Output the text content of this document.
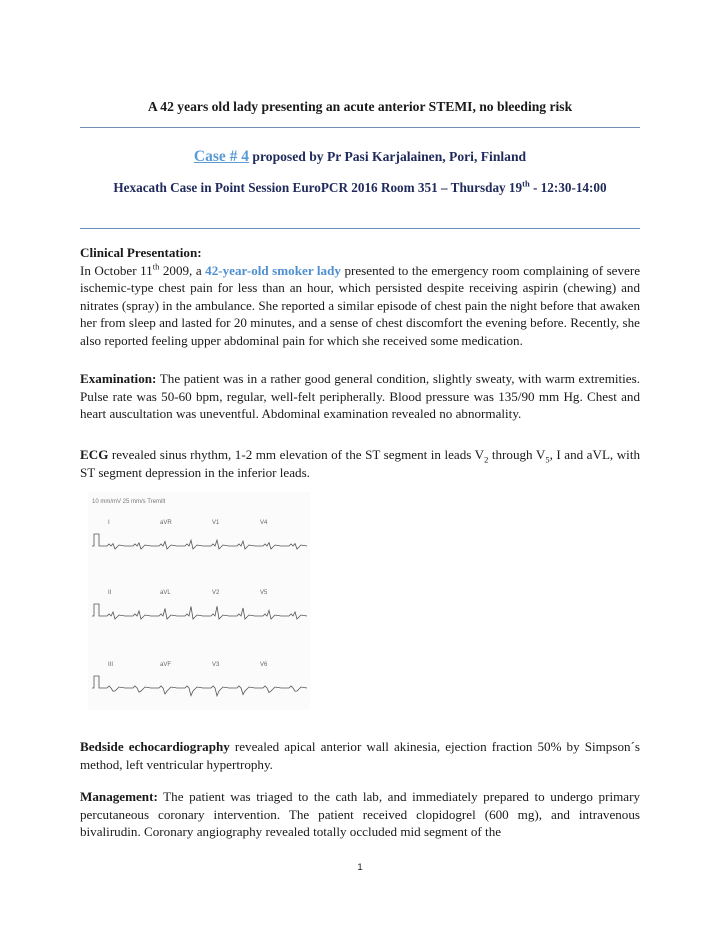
A 42 years old lady presenting an acute anterior STEMI, no bleeding risk
Case # 4 proposed by Pr Pasi Karjalainen, Pori, Finland
Hexacath Case in Point Session EuroPCR 2016 Room 351 – Thursday 19th - 12:30-14:00
Clinical Presentation:
In October 11th 2009, a 42-year-old smoker lady presented to the emergency room complaining of severe ischemic-type chest pain for less than an hour, which persisted despite receiving aspirin (chewing) and nitrates (spray) in the ambulance. She reported a similar episode of chest pain the night before that awaken her from sleep and lasted for 20 minutes, and a sense of chest discomfort the evening before. Recently, she also reported feeling upper abdominal pain for which she received some medication.
Examination: The patient was in a rather good general condition, slightly sweaty, with warm extremities. Pulse rate was 50-60 bpm, regular, well-felt peripherally. Blood pressure was 135/90 mm Hg. Chest and heart auscultation was uneventful. Abdominal examination revealed no abnormality.
ECG revealed sinus rhythm, 1-2 mm elevation of the ST segment in leads $V_2$ through $V_5$, I and aVL, with ST segment depression in the inferior leads.
10 mm/mV 25 mm/s Tremilt
I	aVR	V1	V4
II	aVL	V2	V5
III	aVF	V3	V6
Bedside echocardiography revealed apical anterior wall akinesia, ejection fraction 50% by Simpson´s method, left ventricular hypertrophy.
Management: The patient was triaged to the cath lab, and immediately prepared to undergo primary percutaneous coronary intervention. The patient received clopidogrel (600 mg), and intravenous bivalirudin. Coronary angiography revealed totally occluded mid segment of the
1
